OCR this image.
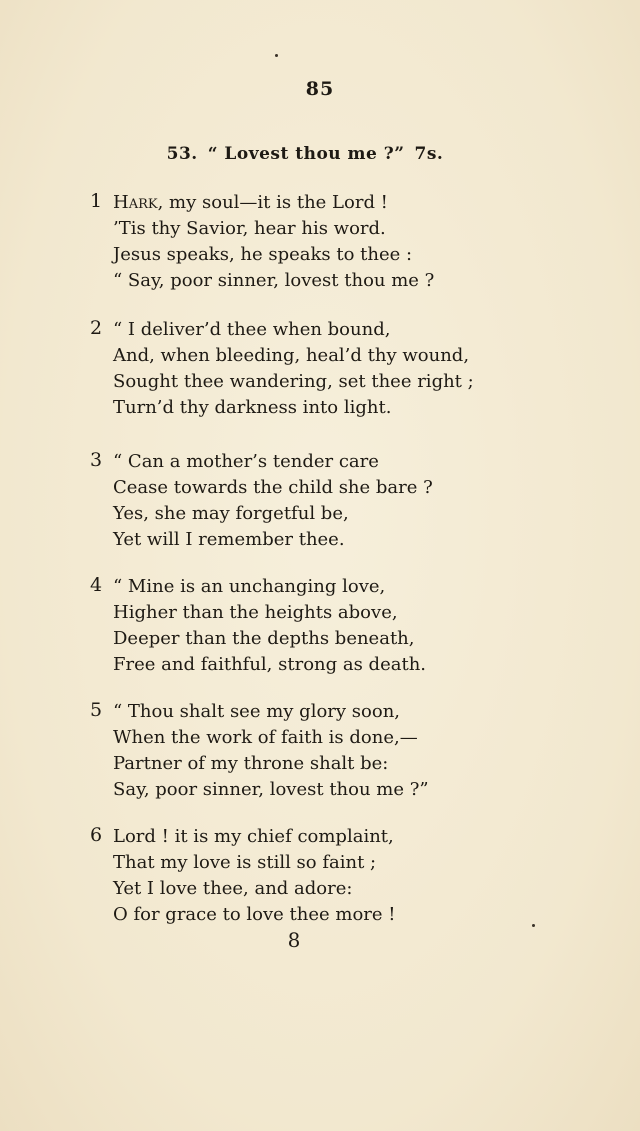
85
53. “ Lovest thou me ?” 7s.
1 Hark, my soul—it is the Lord !
’Tis thy Savior, hear his word.
Jesus speaks, he speaks to thee :
“ Say, poor sinner, lovest thou me ?
2 “ I deliver’d thee when bound,
And, when bleeding, heal’d thy wound,
Sought thee wandering, set thee right ;
Turn’d thy darkness into light.
3 “ Can a mother’s tender care
Cease towards the child she bare ?
Yes, she may forgetful be,
Yet will I remember thee.
4 “ Mine is an unchanging love,
Higher than the heights above,
Deeper than the depths beneath,
Free and faithful, strong as death.
5 “ Thou shalt see my glory soon,
When the work of faith is done,—
Partner of my throne shalt be:
Say, poor sinner, lovest thou me ?”
6 Lord ! it is my chief complaint,
That my love is still so faint ;
Yet I love thee, and adore:
O for grace to love thee more !
8
